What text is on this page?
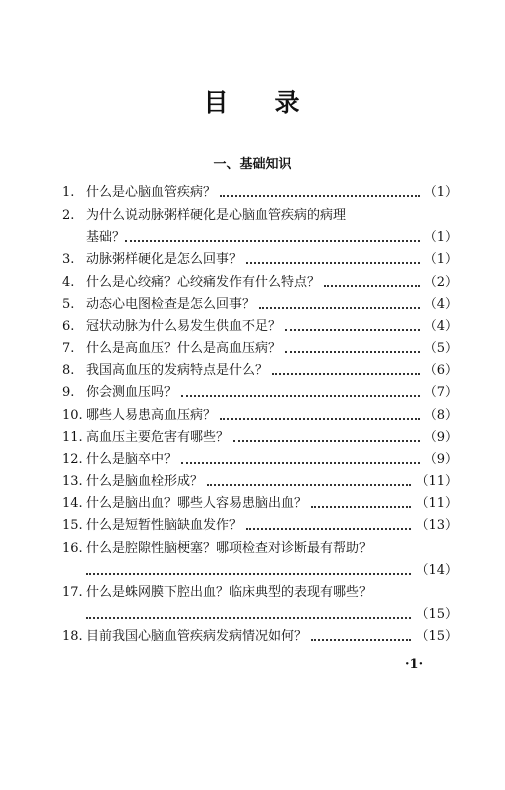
目 录
一、基础知识
1. 什么是心脑血管疾病？	（1）
2. 为什么说动脉粥样硬化是心脑血管疾病的病理
基础？	（1）
3. 动脉粥样硬化是怎么回事？	（1）
4. 什么是心绞痛？心绞痛发作有什么特点？	（2）
5. 动态心电图检查是怎么回事？	（4）
6. 冠状动脉为什么易发生供血不足？	（4）
7. 什么是高血压？什么是高血压病？	（5）
8. 我国高血压的发病特点是什么？	（6）
9. 你会测血压吗？	（7）
10. 哪些人易患高血压病？	（8）
11. 高血压主要危害有哪些？	（9）
12. 什么是脑卒中？	（9）
13. 什么是脑血栓形成？	（11）
14. 什么是脑出血？哪些人容易患脑出血？	（11）
15. 什么是短暂性脑缺血发作？	（13）
16. 什么是腔隙性脑梗塞？哪项检查对诊断最有帮助？
（14）
17. 什么是蛛网膜下腔出血？临床典型的表现有哪些？
（15）
18. 目前我国心脑血管疾病发病情况如何？	（15）
·1·
